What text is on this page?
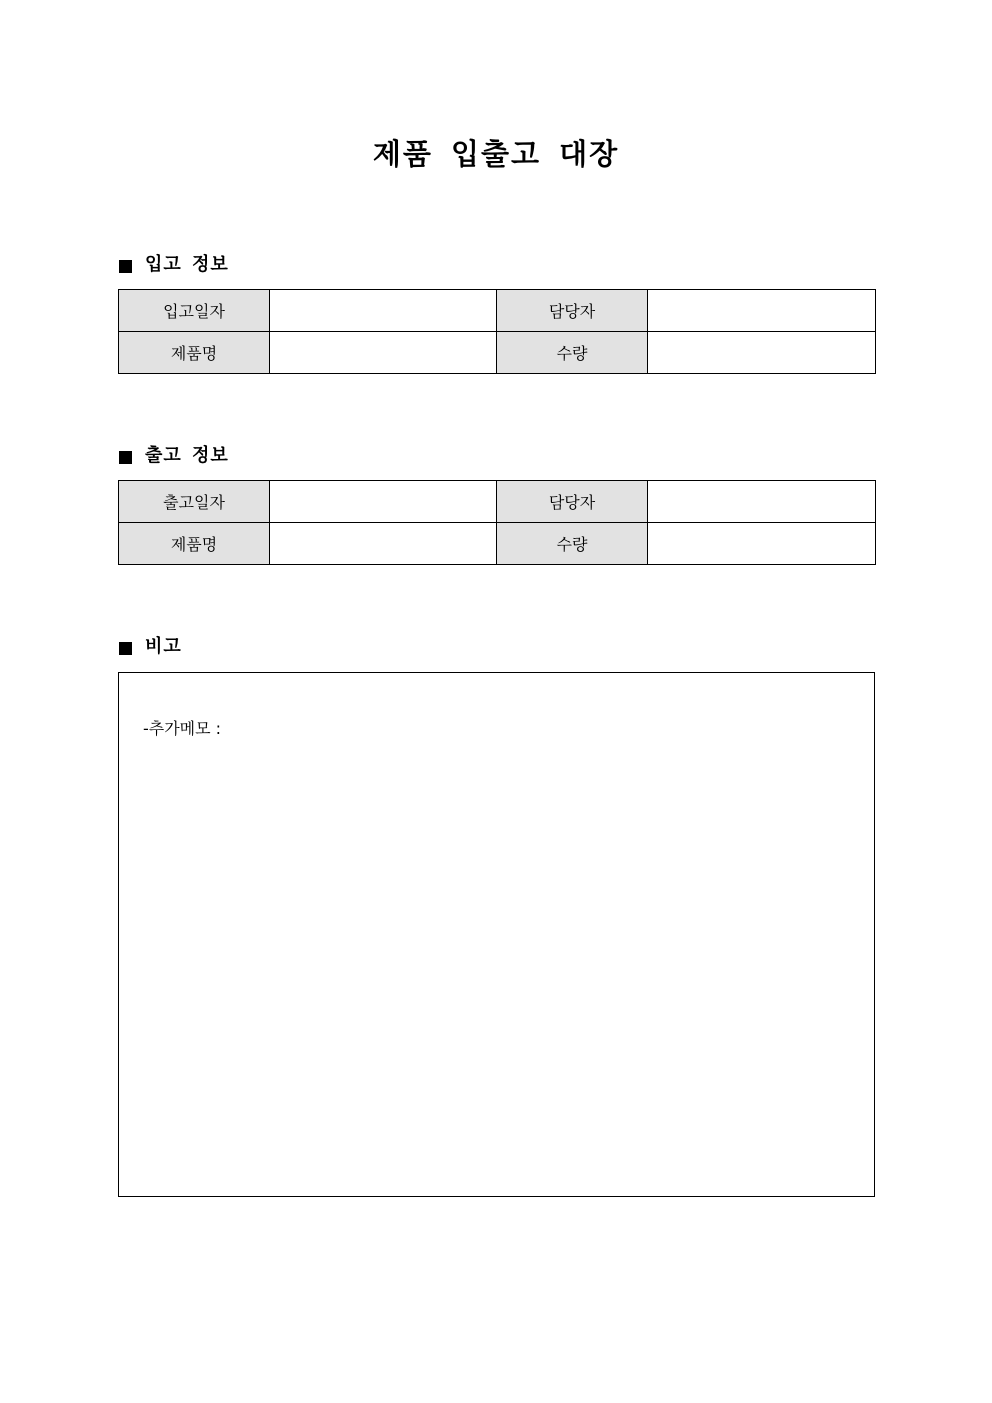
제품 입출고 대장
입고 정보
입고일자		담당자	
제품명		수량	
출고 정보
출고일자		담당자	
제품명		수량	
비고
-추가메모 :
